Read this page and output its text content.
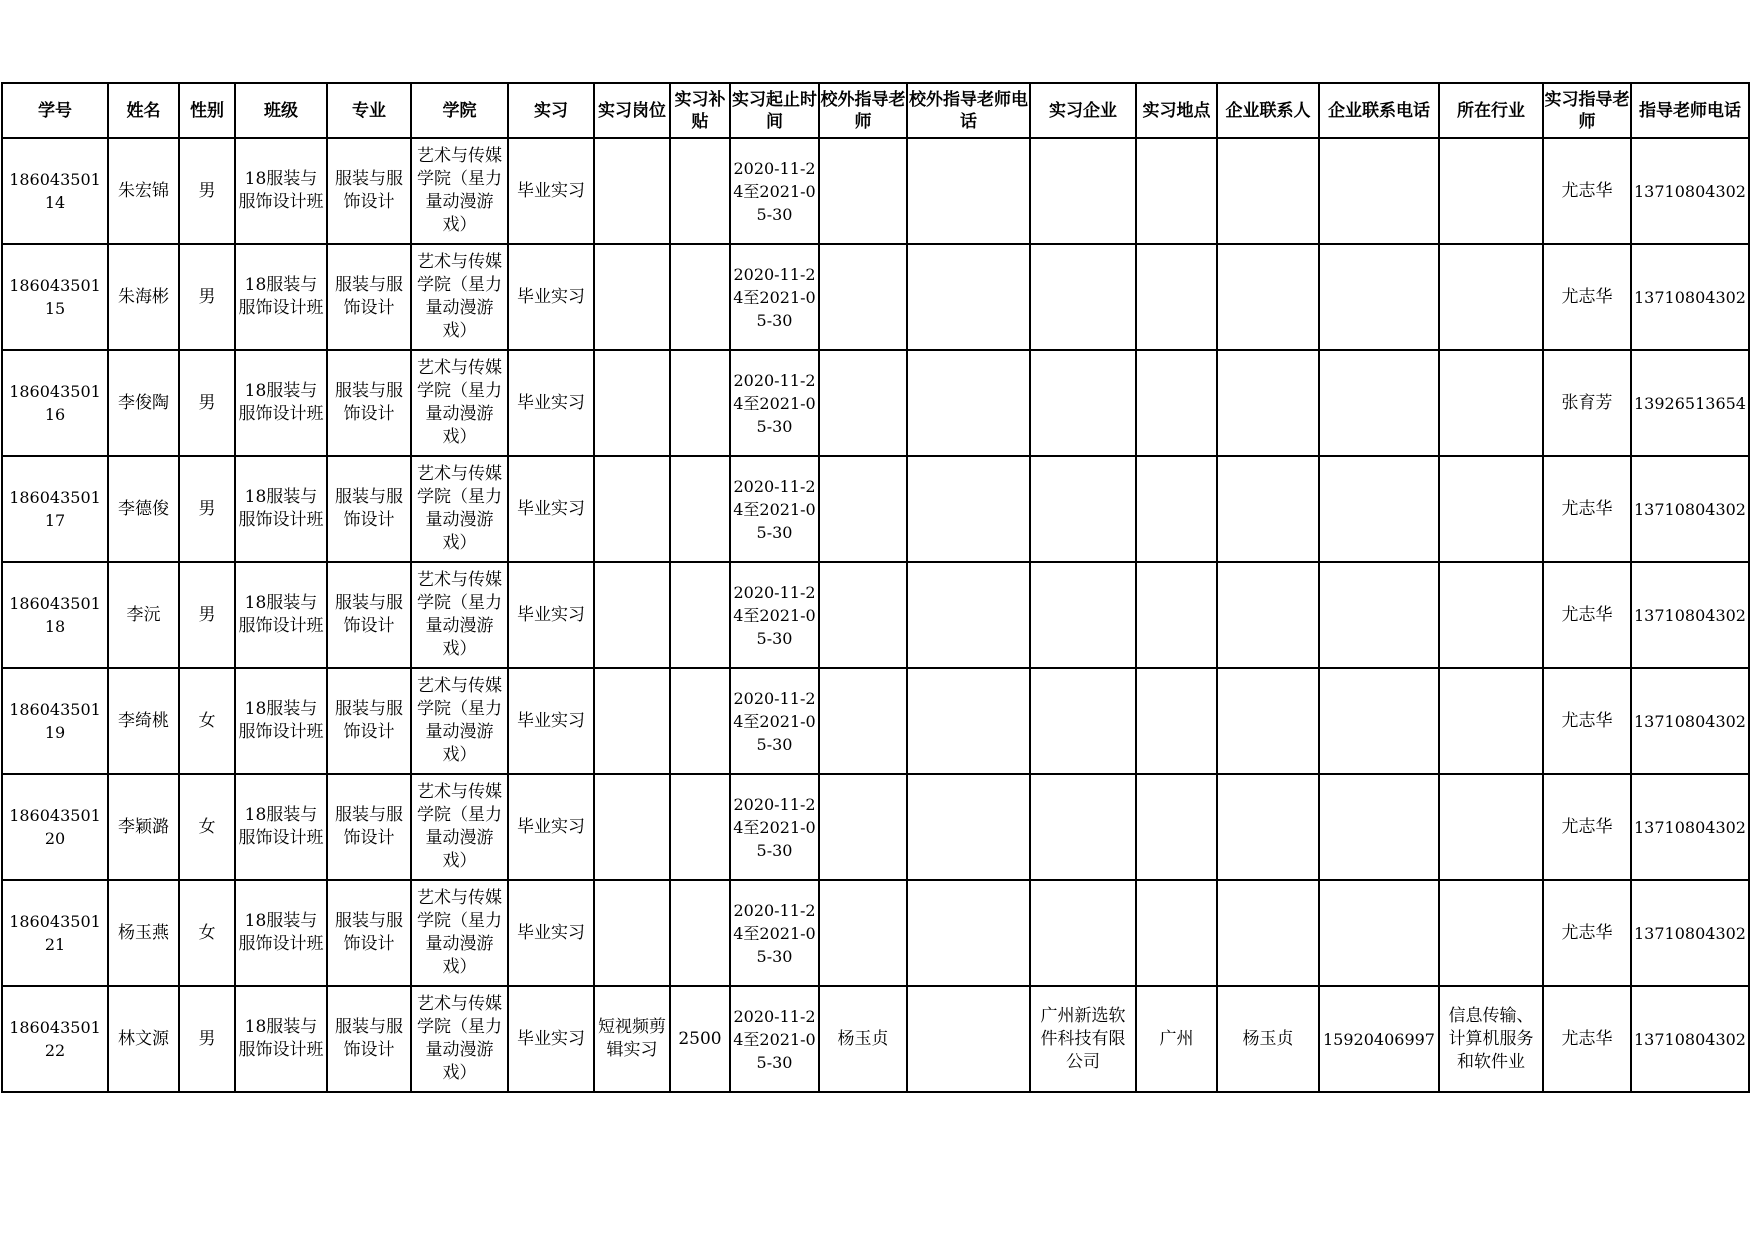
学号	姓名	性别	班级	专业	学院	实习	实习岗位	实习补贴	实习起止时间	校外指导老师	校外指导老师电话	实习企业	实习地点	企业联系人	企业联系电话	所在行业	实习指导老师	指导老师电话

18604350114	朱宏锦	男	18服装与服饰设计班	服装与服饰设计	艺术与传媒学院（星力量动漫游戏）	毕业实习			2020-11-24至2021-05-30								尤志华	13710804302

18604350115	朱海彬	男	18服装与服饰设计班	服装与服饰设计	艺术与传媒学院（星力量动漫游戏）	毕业实习			2020-11-24至2021-05-30								尤志华	13710804302

18604350116	李俊陶	男	18服装与服饰设计班	服装与服饰设计	艺术与传媒学院（星力量动漫游戏）	毕业实习			2020-11-24至2021-05-30								张育芳	13926513654

18604350117	李德俊	男	18服装与服饰设计班	服装与服饰设计	艺术与传媒学院（星力量动漫游戏）	毕业实习			2020-11-24至2021-05-30								尤志华	13710804302

18604350118	李沅	男	18服装与服饰设计班	服装与服饰设计	艺术与传媒学院（星力量动漫游戏）	毕业实习			2020-11-24至2021-05-30								尤志华	13710804302

18604350119	李绮桃	女	18服装与服饰设计班	服装与服饰设计	艺术与传媒学院（星力量动漫游戏）	毕业实习			2020-11-24至2021-05-30								尤志华	13710804302

18604350120	李颖潞	女	18服装与服饰设计班	服装与服饰设计	艺术与传媒学院（星力量动漫游戏）	毕业实习			2020-11-24至2021-05-30								尤志华	13710804302

18604350121	杨玉燕	女	18服装与服饰设计班	服装与服饰设计	艺术与传媒学院（星力量动漫游戏）	毕业实习			2020-11-24至2021-05-30								尤志华	13710804302

18604350122	林文源	男	18服装与服饰设计班	服装与服饰设计	艺术与传媒学院（星力量动漫游戏）	毕业实习	短视频剪辑实习	2500	2020-11-24至2021-05-30	杨玉贞		广州新选软件科技有限公司	广州	杨玉贞	15920406997	信息传输、计算机服务和软件业	尤志华	13710804302
